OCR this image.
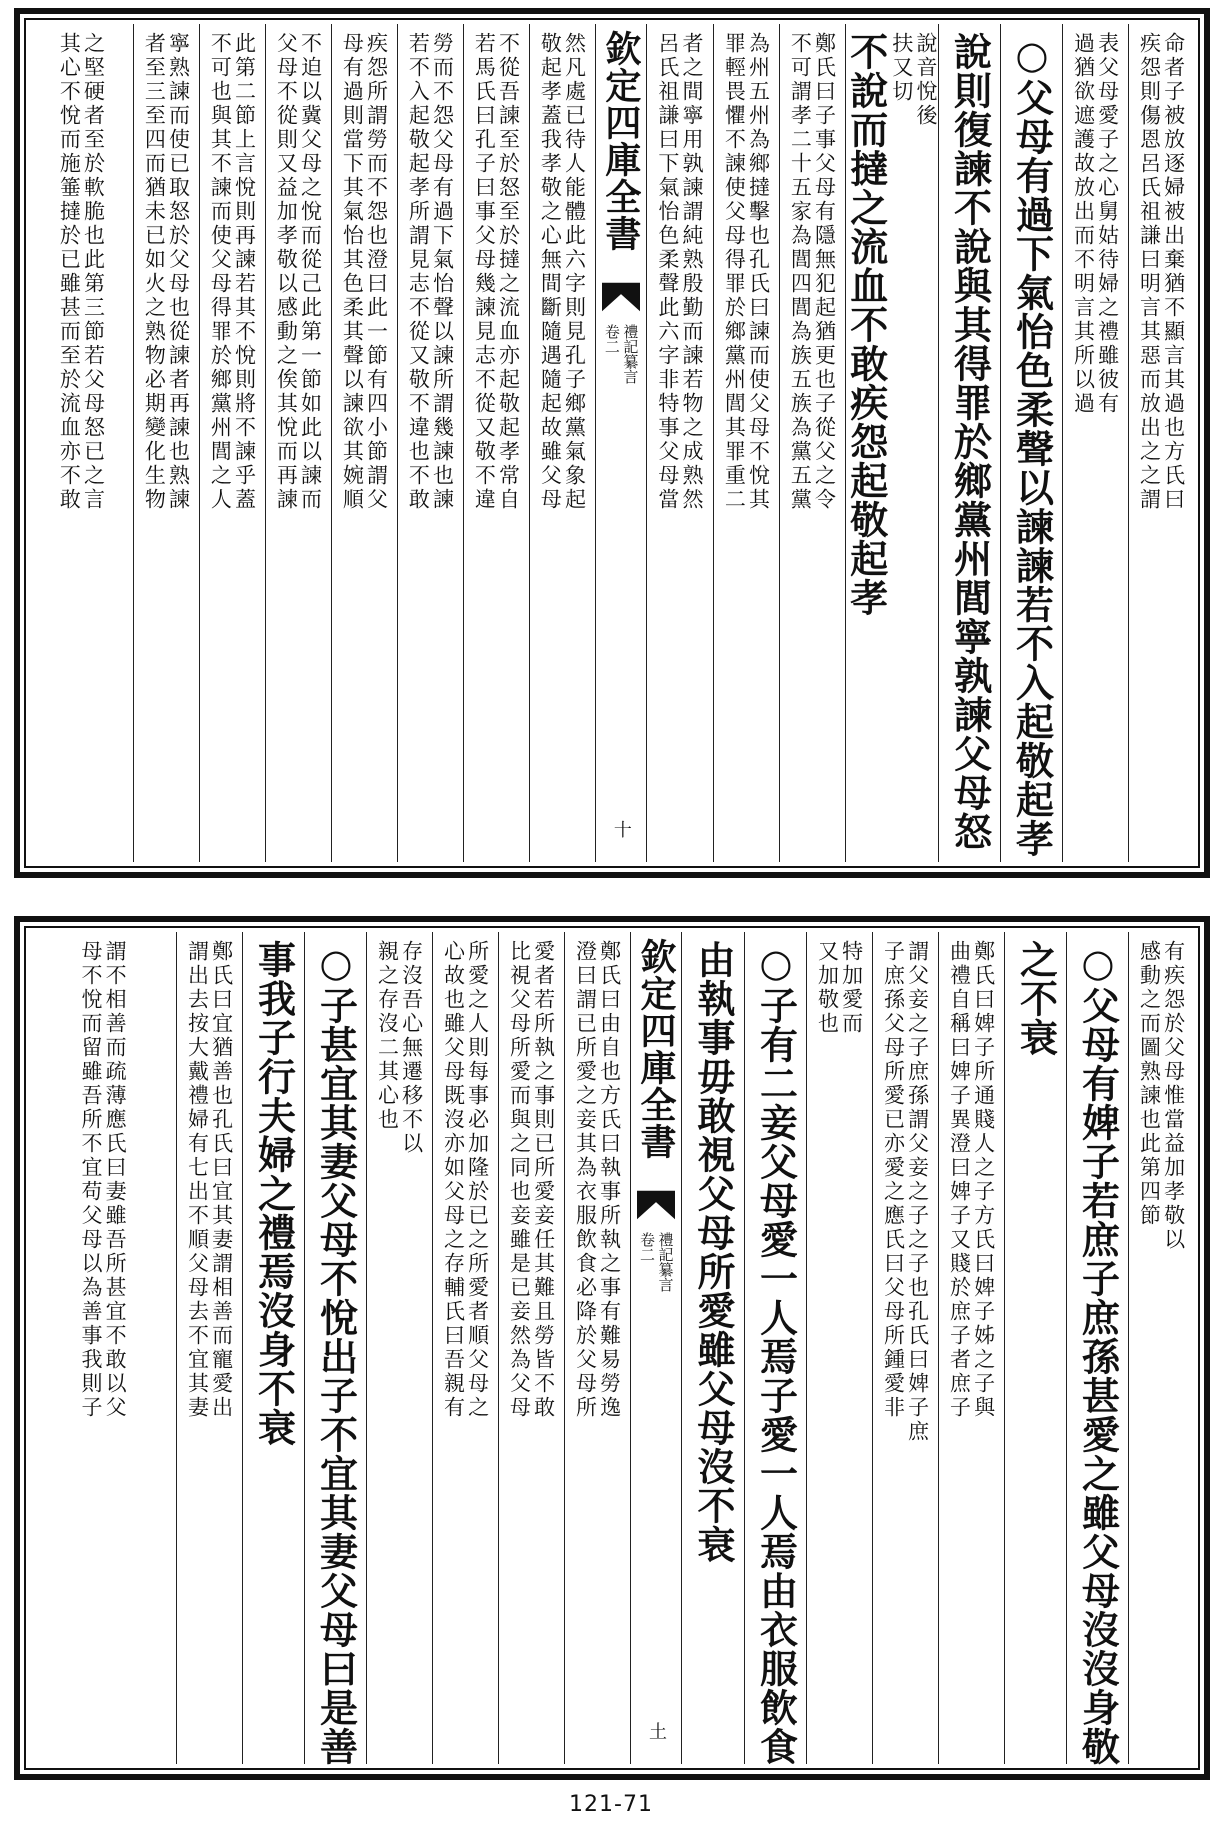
命者子被放逐婦被出棄猶不顯言其過也方氏曰
疾怨則傷恩呂氏祖謙曰明言其惡而放出之之謂
表父母愛子之心舅姑待婦之禮雖彼有
過猶欲遮護故放出而不明言其所以過
○父母有過下氣怡色柔聲以諫諫若不入起敬起孝
說則復諫不說與其得罪於鄉黨州閭寧孰諫父母怒
不說而撻之流血不敢疾怨起敬起孝 說音悅後
扶又切
鄭氏曰子事父母有隱無犯起猶更也子從父之令
不可謂孝二十五家為閭四閭為族五族為黨五黨
為州五州為鄉撻擊也孔氏曰諫而使父母不悅其
罪輕畏懼不諫使父母得罪於鄉黨州閭其罪重二
者之間寧用孰諫謂純熟殷勤而諫若物之成熟然
呂氏祖謙曰下氣怡色柔聲此六字非特事父母當
欽定四庫全書
卷二 禮記纂言
十
然凡處已待人能體此六字則見孔子鄉黨氣象起
敬起孝蓋我孝敬之心無間斷隨遇隨起故雖父母
不從吾諫至於怒至於撻之流血亦起敬起孝常自
若馬氏曰孔子曰事父母幾諫見志不從又敬不違
勞而不怨父母有過下氣怡聲以諫所謂幾諫也諫
若不入起敬起孝所謂見志不從又敬不違也不敢
疾怨所謂勞而不怨也澄曰此一節有四小節謂父
母有過則當下其氣怡其色柔其聲以諫欲其婉順
不迫以冀父母之悅而從己此第一節如此以諫而
父母不從則又益加孝敬以感動之俟其悅而再諫
此第二節上言悅則再諫若其不悅則將不諫乎蓋
不可也與其不諫而使父母得罪於鄉黨州閭之人
寧熟諫而使已取怒於父母也從諫者再諫也熟諫
者至三至四而猶未已如火之熟物必期變化生物
之堅硬者至於軟脆也此第三節若父母怒已之言
其心不悅而施箠撻於已雖甚而至於流血亦不敢
有疾怨於父母惟當益加孝敬以
感動之而圖熟諫也此第四節
○父母有婢子若庶子庶孫甚愛之雖父母沒沒身敬
之不衰
鄭氏曰婢子所通賤人之子方氏曰婢子姊之子與
曲禮自稱曰婢子異澄曰婢子又賤於庶子者庶子
謂父妾之子庶孫謂父妾之子之子也孔氏曰婢子庶
子庶孫父母所愛已亦愛之應氏曰父母所鍾愛非
特加愛而
又加敬也
○子有二妾父母愛一人焉子愛一人焉由衣服飲食
由執事毋敢視父母所愛雖父母沒不衰
欽定四庫全書
卷二 禮記纂言
土
鄭氏曰由自也方氏曰執事所執之事有難易勞逸
澄曰謂已所愛之妾其為衣服飲食必降於父母所
愛者若所執之事則已所愛妾任其難且勞皆不敢
比視父母所愛而與之同也妾雖是已妾然為父母
所愛之人則每事必加隆於已之所愛者順父母之
心故也雖父母既沒亦如父母之存輔氏曰吾親有
存沒吾心無遷移不以
親之存沒二其心也
○子甚宜其妻父母不悅出子不宜其妻父母曰是善
事我子行夫婦之禮焉沒身不衰
鄭氏曰宜猶善也孔氏曰宜其妻謂相善而寵愛出
謂出去按大戴禮婦有七出不順父母去不宜其妻
謂不相善而疏薄應氏曰妻雖吾所甚宜不敢以父
母不悅而留雖吾所不宜苟父母以為善事我則子
121-71
